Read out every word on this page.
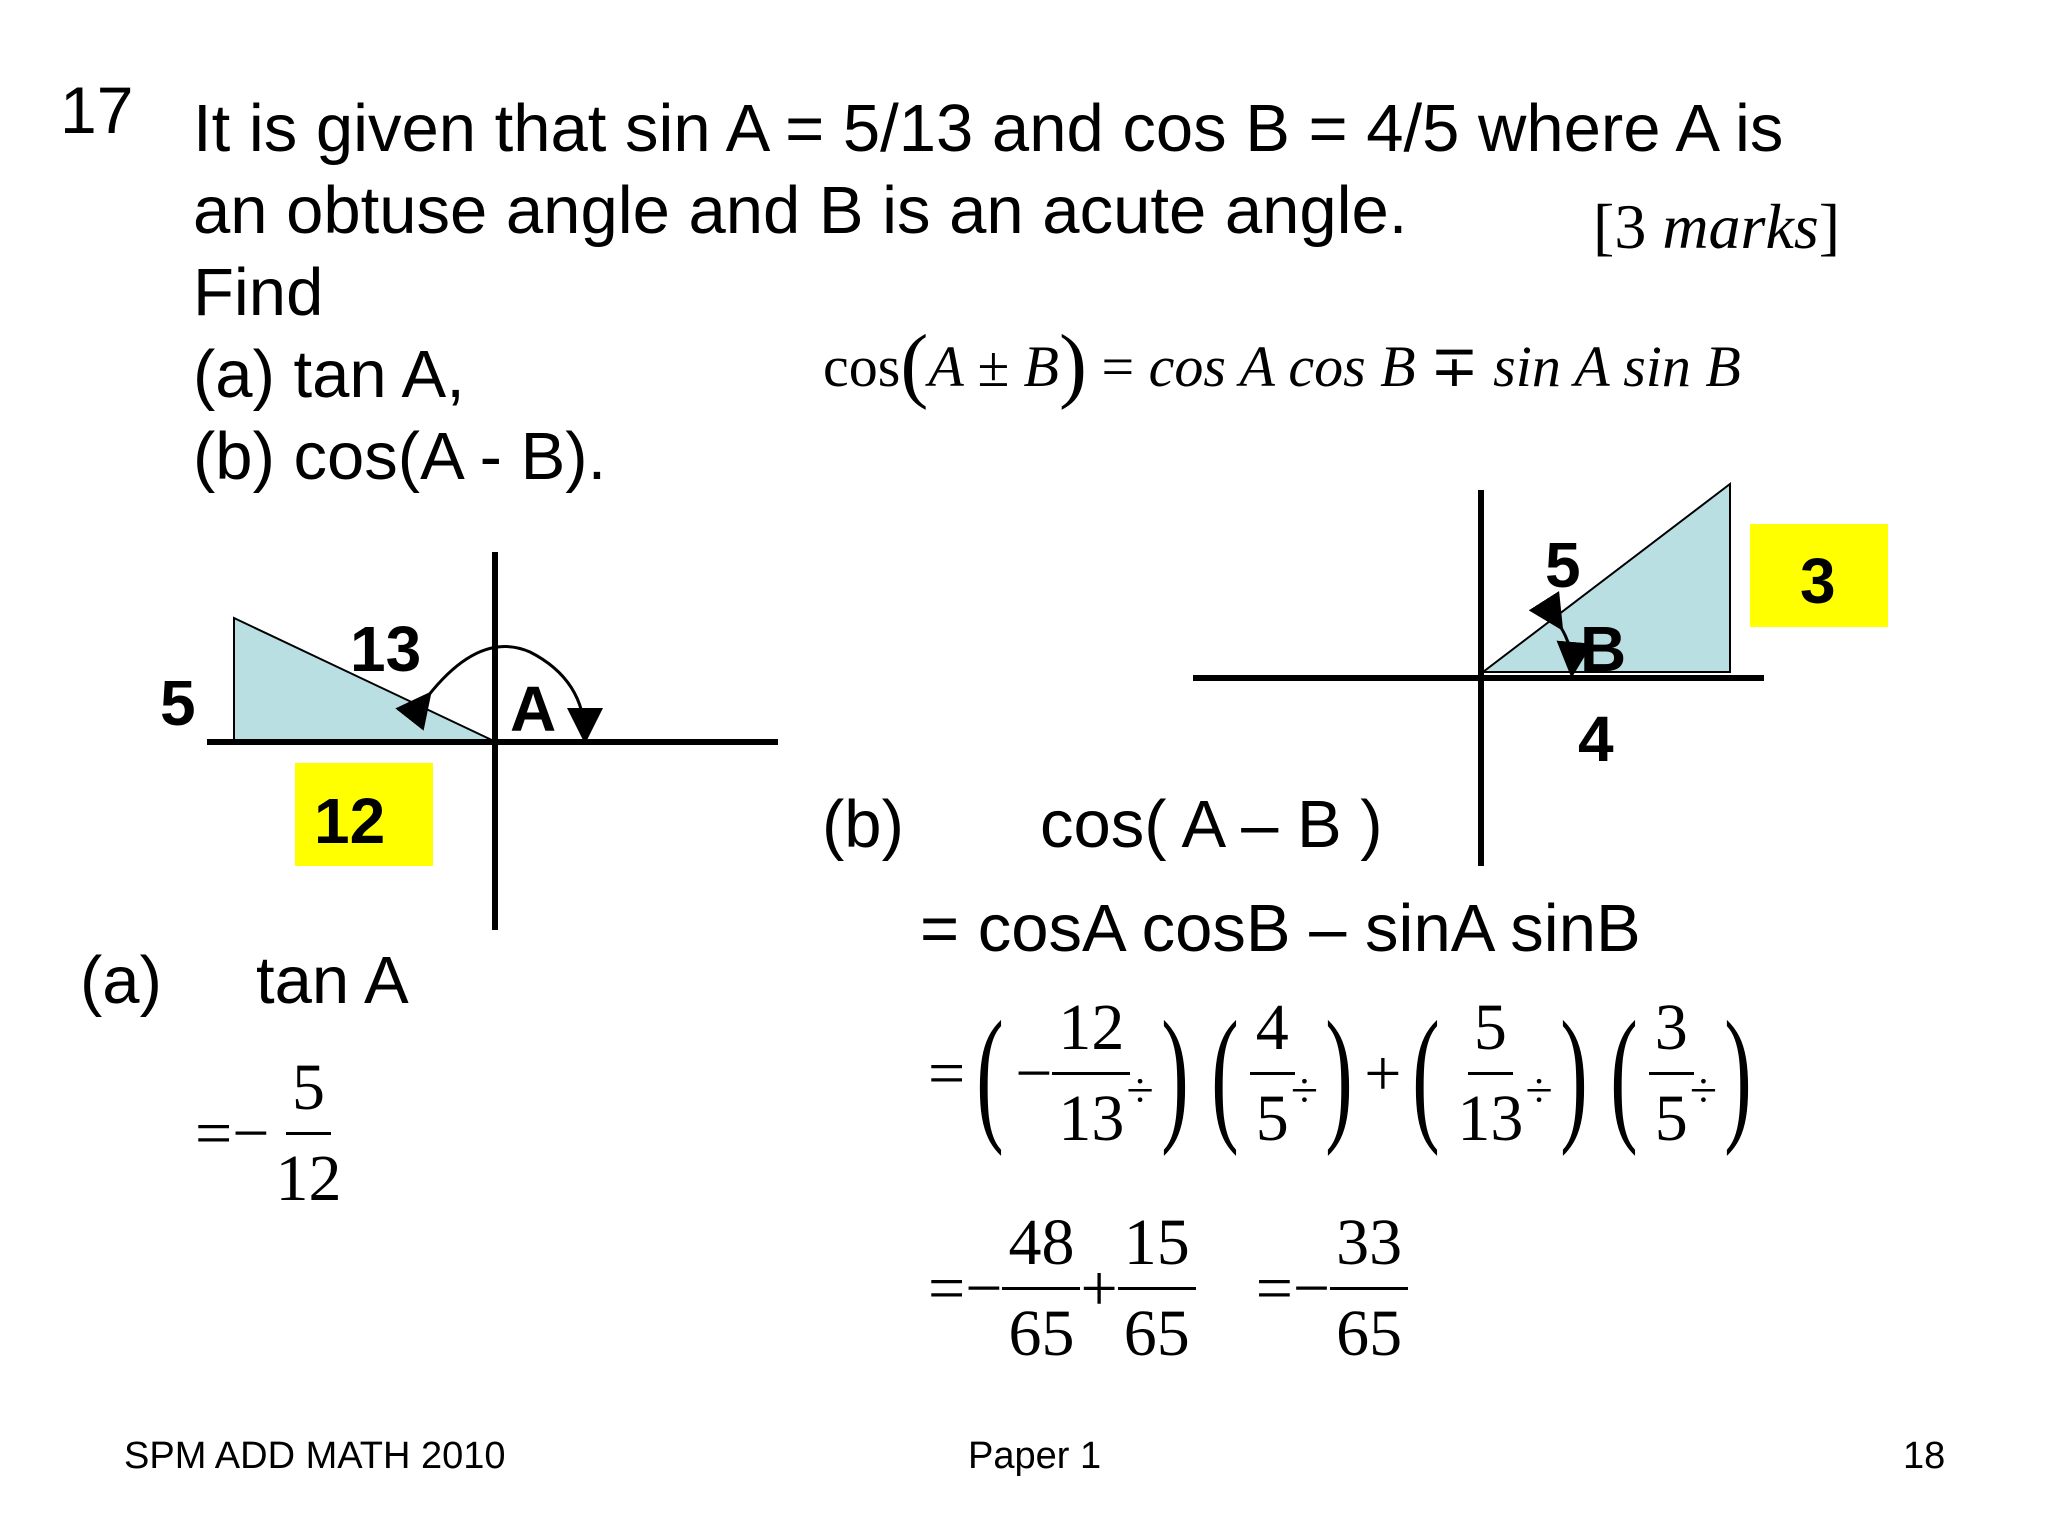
17 It is given that sin A = 5/13 and cos B = 4/5 where A is
an obtuse angle and B is an acute angle.
Find
(a) tan A,
(b) cos(A - B).
[3 marks]
cos(A ± B) = cos A cos B ∓ sin A sin B
13
5	A
12
5
B
4
3
(a) tan A
=− $\frac{5}{12}$
(b) cos( A – B )
= cosA cosB – sinA sinB
= ( − $\frac{12}{13}$
÷ ) ( $\frac{4}{5}$
÷ ) + ( $\frac{5}{13}$
÷ ) ( $\frac{3}{5}$
÷ )
=− $\frac{48}{65} + \frac{15}{65} =- \frac{33}{65}$
SPM ADD MATH 2010	Paper 1	18
